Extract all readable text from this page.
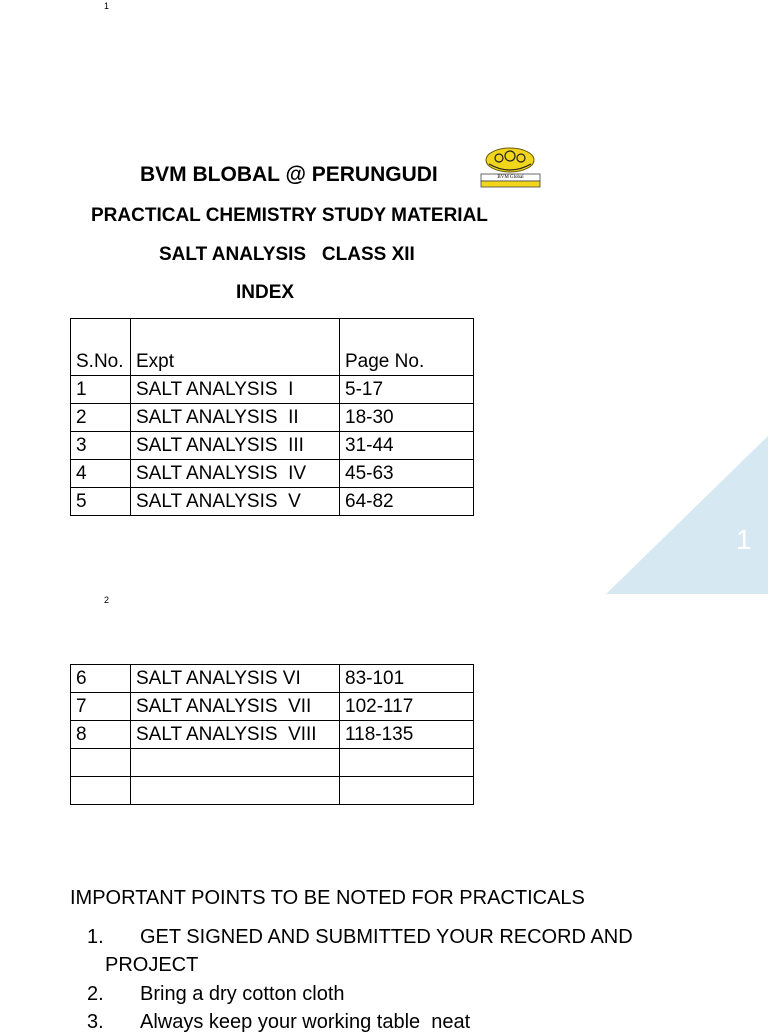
1
2
BVM BLOBAL @ PERUNGUDI	BVM Global
PRACTICAL CHEMISTRY STUDY MATERIAL
SALT ANALYSIS   CLASS XII
INDEX
S.No.	Expt	Page No.
1	SALT ANALYSIS  I	5-17
2	SALT ANALYSIS  II	18-30
3	SALT ANALYSIS  III	31-44
4	SALT ANALYSIS  IV	45-63
5	SALT ANALYSIS  V	64-82
1
6	SALT ANALYSIS VI	83-101
7	SALT ANALYSIS  VII	102-117
8	SALT ANALYSIS  VIII	118-135

IMPORTANT POINTS TO BE NOTED FOR PRACTICALS
1. GET SIGNED AND SUBMITTED YOUR RECORD AND
PROJECT
2. Bring a dry cotton cloth
3. Always keep your working table  neat
